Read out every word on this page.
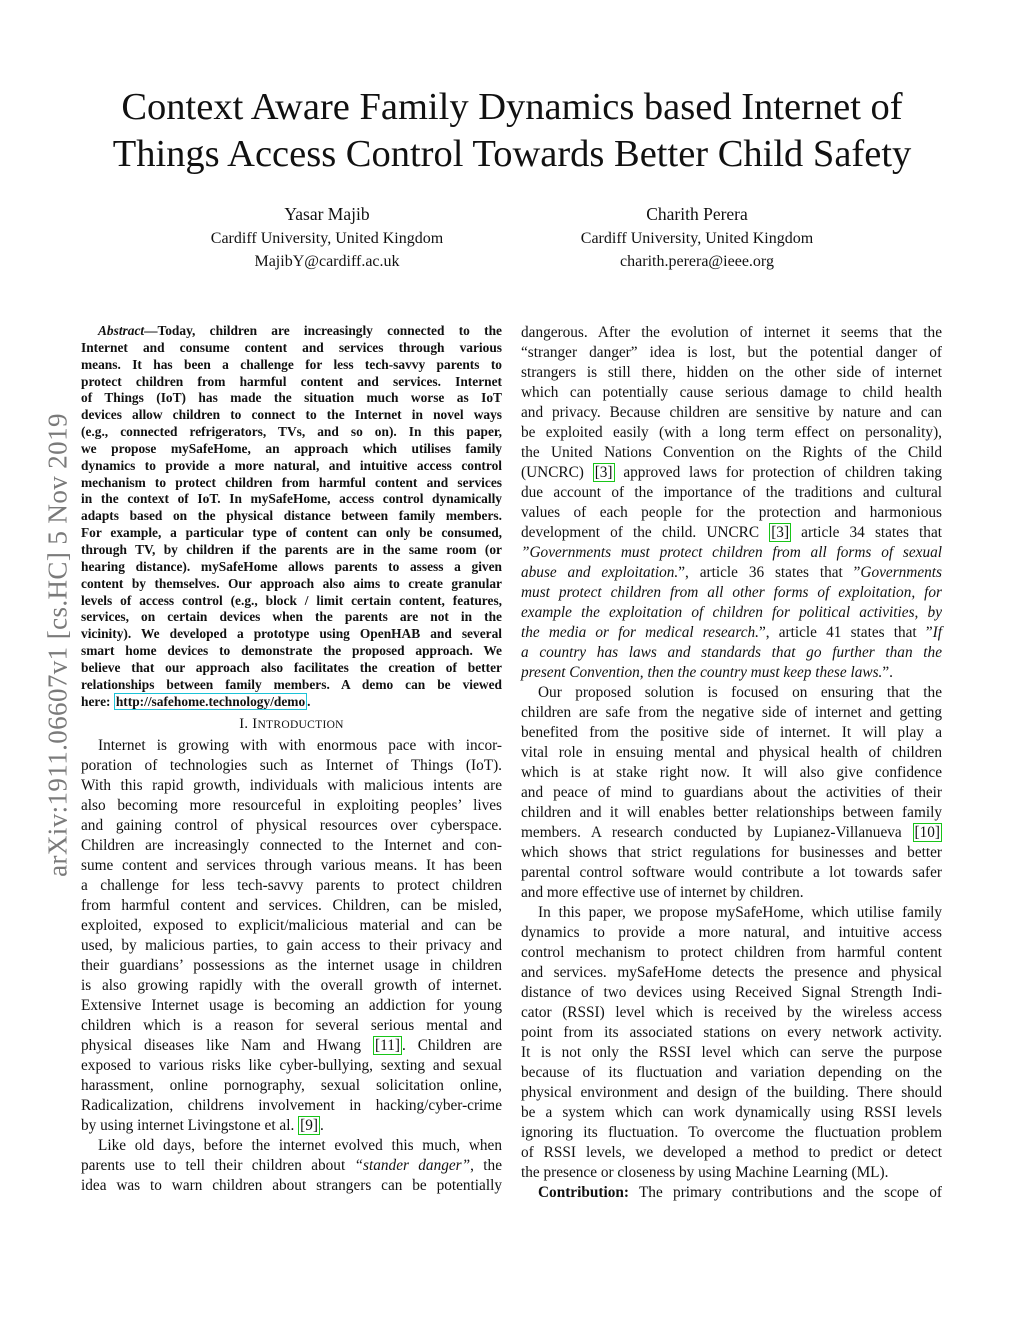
arXiv:1911.06607v1 [cs.HC] 5 Nov 2019
Context Aware Family Dynamics based Internet of
Things Access Control Towards Better Child Safety
Yasar Majib
Cardiff University, United Kingdom
MajibY@cardiff.ac.uk
Charith Perera
Cardiff University, United Kingdom
charith.perera@ieee.org
Abstract—Today, children are increasingly connected to the
Internet and consume content and services through various
means. It has been a challenge for less tech-savvy parents to
protect children from harmful content and services. Internet
of Things (IoT) has made the situation much worse as IoT
devices allow children to connect to the Internet in novel ways
(e.g., connected refrigerators, TVs, and so on). In this paper,
we propose mySafeHome, an approach which utilises family
dynamics to provide a more natural, and intuitive access control
mechanism to protect children from harmful content and services
in the context of IoT. In mySafeHome, access control dynamically
adapts based on the physical distance between family members.
For example, a particular type of content can only be consumed,
through TV, by children if the parents are in the same room (or
hearing distance). mySafeHome allows parents to assess a given
content by themselves. Our approach also aims to create granular
levels of access control (e.g., block / limit certain content, features,
services, on certain devices when the parents are not in the
vicinity). We developed a prototype using OpenHAB and several
smart home devices to demonstrate the proposed approach. We
believe that our approach also facilitates the creation of better
relationships between family members. A demo can be viewed
here: http://safehome.technology/demo .
I. INTRODUCTION
Internet is growing with with enormous pace with incor-
poration of technologies such as Internet of Things (IoT).
With this rapid growth, individuals with malicious intents are
also becoming more resourceful in exploiting peoples’ lives
and gaining control of physical resources over cyberspace.
Children are increasingly connected to the Internet and con-
sume content and services through various means. It has been
a challenge for less tech-savvy parents to protect children
from harmful content and services. Children, can be misled,
exploited, exposed to explicit/malicious material and can be
used, by malicious parties, to gain access to their privacy and
their guardians’ possessions as the internet usage in children
is also growing rapidly with the overall growth of internet.
Extensive Internet usage is becoming an addiction for young
children which is a reason for several serious mental and
physical diseases like Nam and Hwang [11] . Children are
exposed to various risks like cyber-bullying, sexting and sexual
harassment, online pornography, sexual solicitation online,
Radicalization, childrens involvement in hacking/cyber-crime
by using internet Livingstone et al. [9] .
Like old days, before the internet evolved this much, when
parents use to tell their children about “stander danger”, the
idea was to warn children about strangers can be potentially
dangerous. After the evolution of internet it seems that the
“stranger danger” idea is lost, but the potential danger of
strangers is still there, hidden on the other side of internet
which can potentially cause serious damage to child health
and privacy. Because children are sensitive by nature and can
be exploited easily (with a long term effect on personality),
the United Nations Convention on the Rights of the Child
(UNCRC) [3] approved laws for protection of children taking
due account of the importance of the traditions and cultural
values of each people for the protection and harmonious
development of the child. UNCRC [3] article 34 states that
”Governments must protect children from all forms of sexual
abuse and exploitation.”, article 36 states that ”Governments
must protect children from all other forms of exploitation, for
example the exploitation of children for political activities, by
the media or for medical research.”, article 41 states that ”If
a country has laws and standards that go further than the
present Convention, then the country must keep these laws.”.
Our proposed solution is focused on ensuring that the
children are safe from the negative side of internet and getting
benefited from the positive side of internet. It will play a
vital role in ensuing mental and physical health of children
which is at stake right now. It will also give confidence
and peace of mind to guardians about the activities of their
children and it will enables better relationships between family
members. A research conducted by Lupianez-Villanueva [10]
which shows that strict regulations for businesses and better
parental control software would contribute a lot towards safer
and more effective use of internet by children.
In this paper, we propose mySafeHome, which utilise family
dynamics to provide a more natural, and intuitive access
control mechanism to protect children from harmful content
and services. mySafeHome detects the presence and physical
distance of two devices using Received Signal Strength Indi-
cator (RSSI) level which is received by the wireless access
point from its associated stations on every network activity.
It is not only the RSSI level which can serve the purpose
because of its fluctuation and variation depending on the
physical environment and design of the building. There should
be a system which can work dynamically using RSSI levels
ignoring its fluctuation. To overcome the fluctuation problem
of RSSI levels, we developed a method to predict or detect
the presence or closeness by using Machine Learning (ML).
Contribution: The primary contributions and the scope of
